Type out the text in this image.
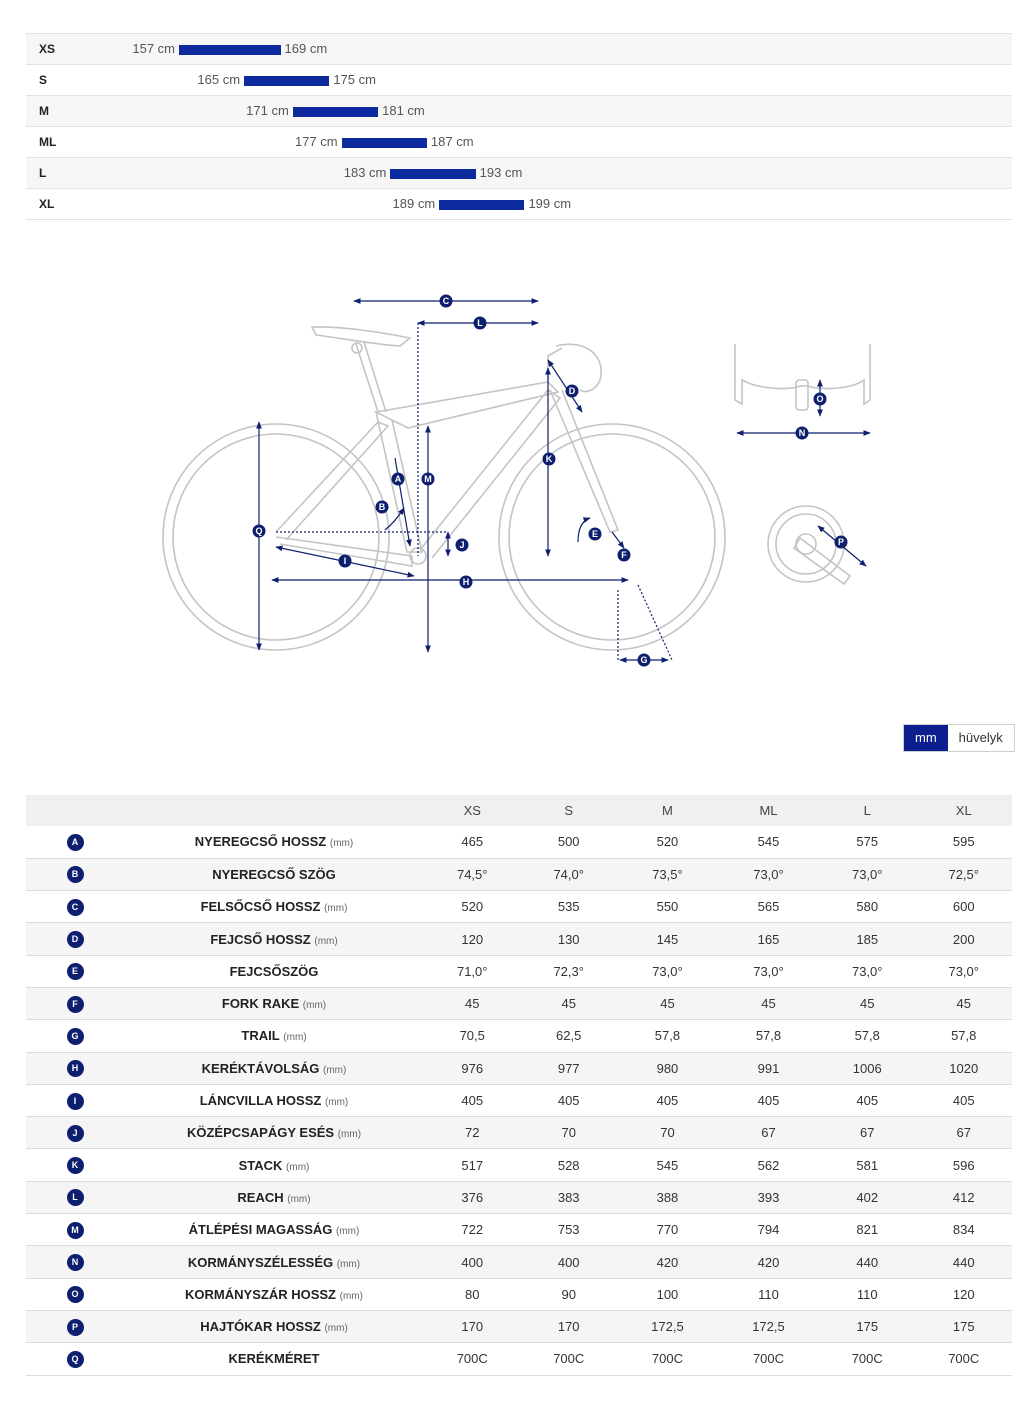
XS	157 cm	169 cm
S	165 cm	175 cm
M	171 cm	181 cm
ML	177 cm	187 cm
L	183 cm	193 cm
XL	189 cm	199 cm
A
B
C
D
E
F
G
H
I
J
K
L
M
N
O
P
Q
mm	hüvelyk
		XS	S	M	ML	L	XL
A	NYEREGCSŐ HOSSZ (mm)	465	500	520	545	575	595
B	NYEREGCSŐ SZÖG	74,5°	74,0°	73,5°	73,0°	73,0°	72,5°
C	FELSŐCSŐ HOSSZ (mm)	520	535	550	565	580	600
D	FEJCSŐ HOSSZ (mm)	120	130	145	165	185	200
E	FEJCSŐSZÖG	71,0°	72,3°	73,0°	73,0°	73,0°	73,0°
F	FORK RAKE (mm)	45	45	45	45	45	45
G	TRAIL (mm)	70,5	62,5	57,8	57,8	57,8	57,8
H	KERÉKTÁVOLSÁG (mm)	976	977	980	991	1006	1020
I	LÁNCVILLA HOSSZ (mm)	405	405	405	405	405	405
J	KÖZÉPCSAPÁGY ESÉS (mm)	72	70	70	67	67	67
K	STACK (mm)	517	528	545	562	581	596
L	REACH (mm)	376	383	388	393	402	412
M	ÁTLÉPÉSI MAGASSÁG (mm)	722	753	770	794	821	834
N	KORMÁNYSZÉLESSÉG (mm)	400	400	420	420	440	440
O	KORMÁNYSZÁR HOSSZ (mm)	80	90	100	110	110	120
P	HAJTÓKAR HOSSZ (mm)	170	170	172,5	172,5	175	175
Q	KERÉKMÉRET	700C	700C	700C	700C	700C	700C
